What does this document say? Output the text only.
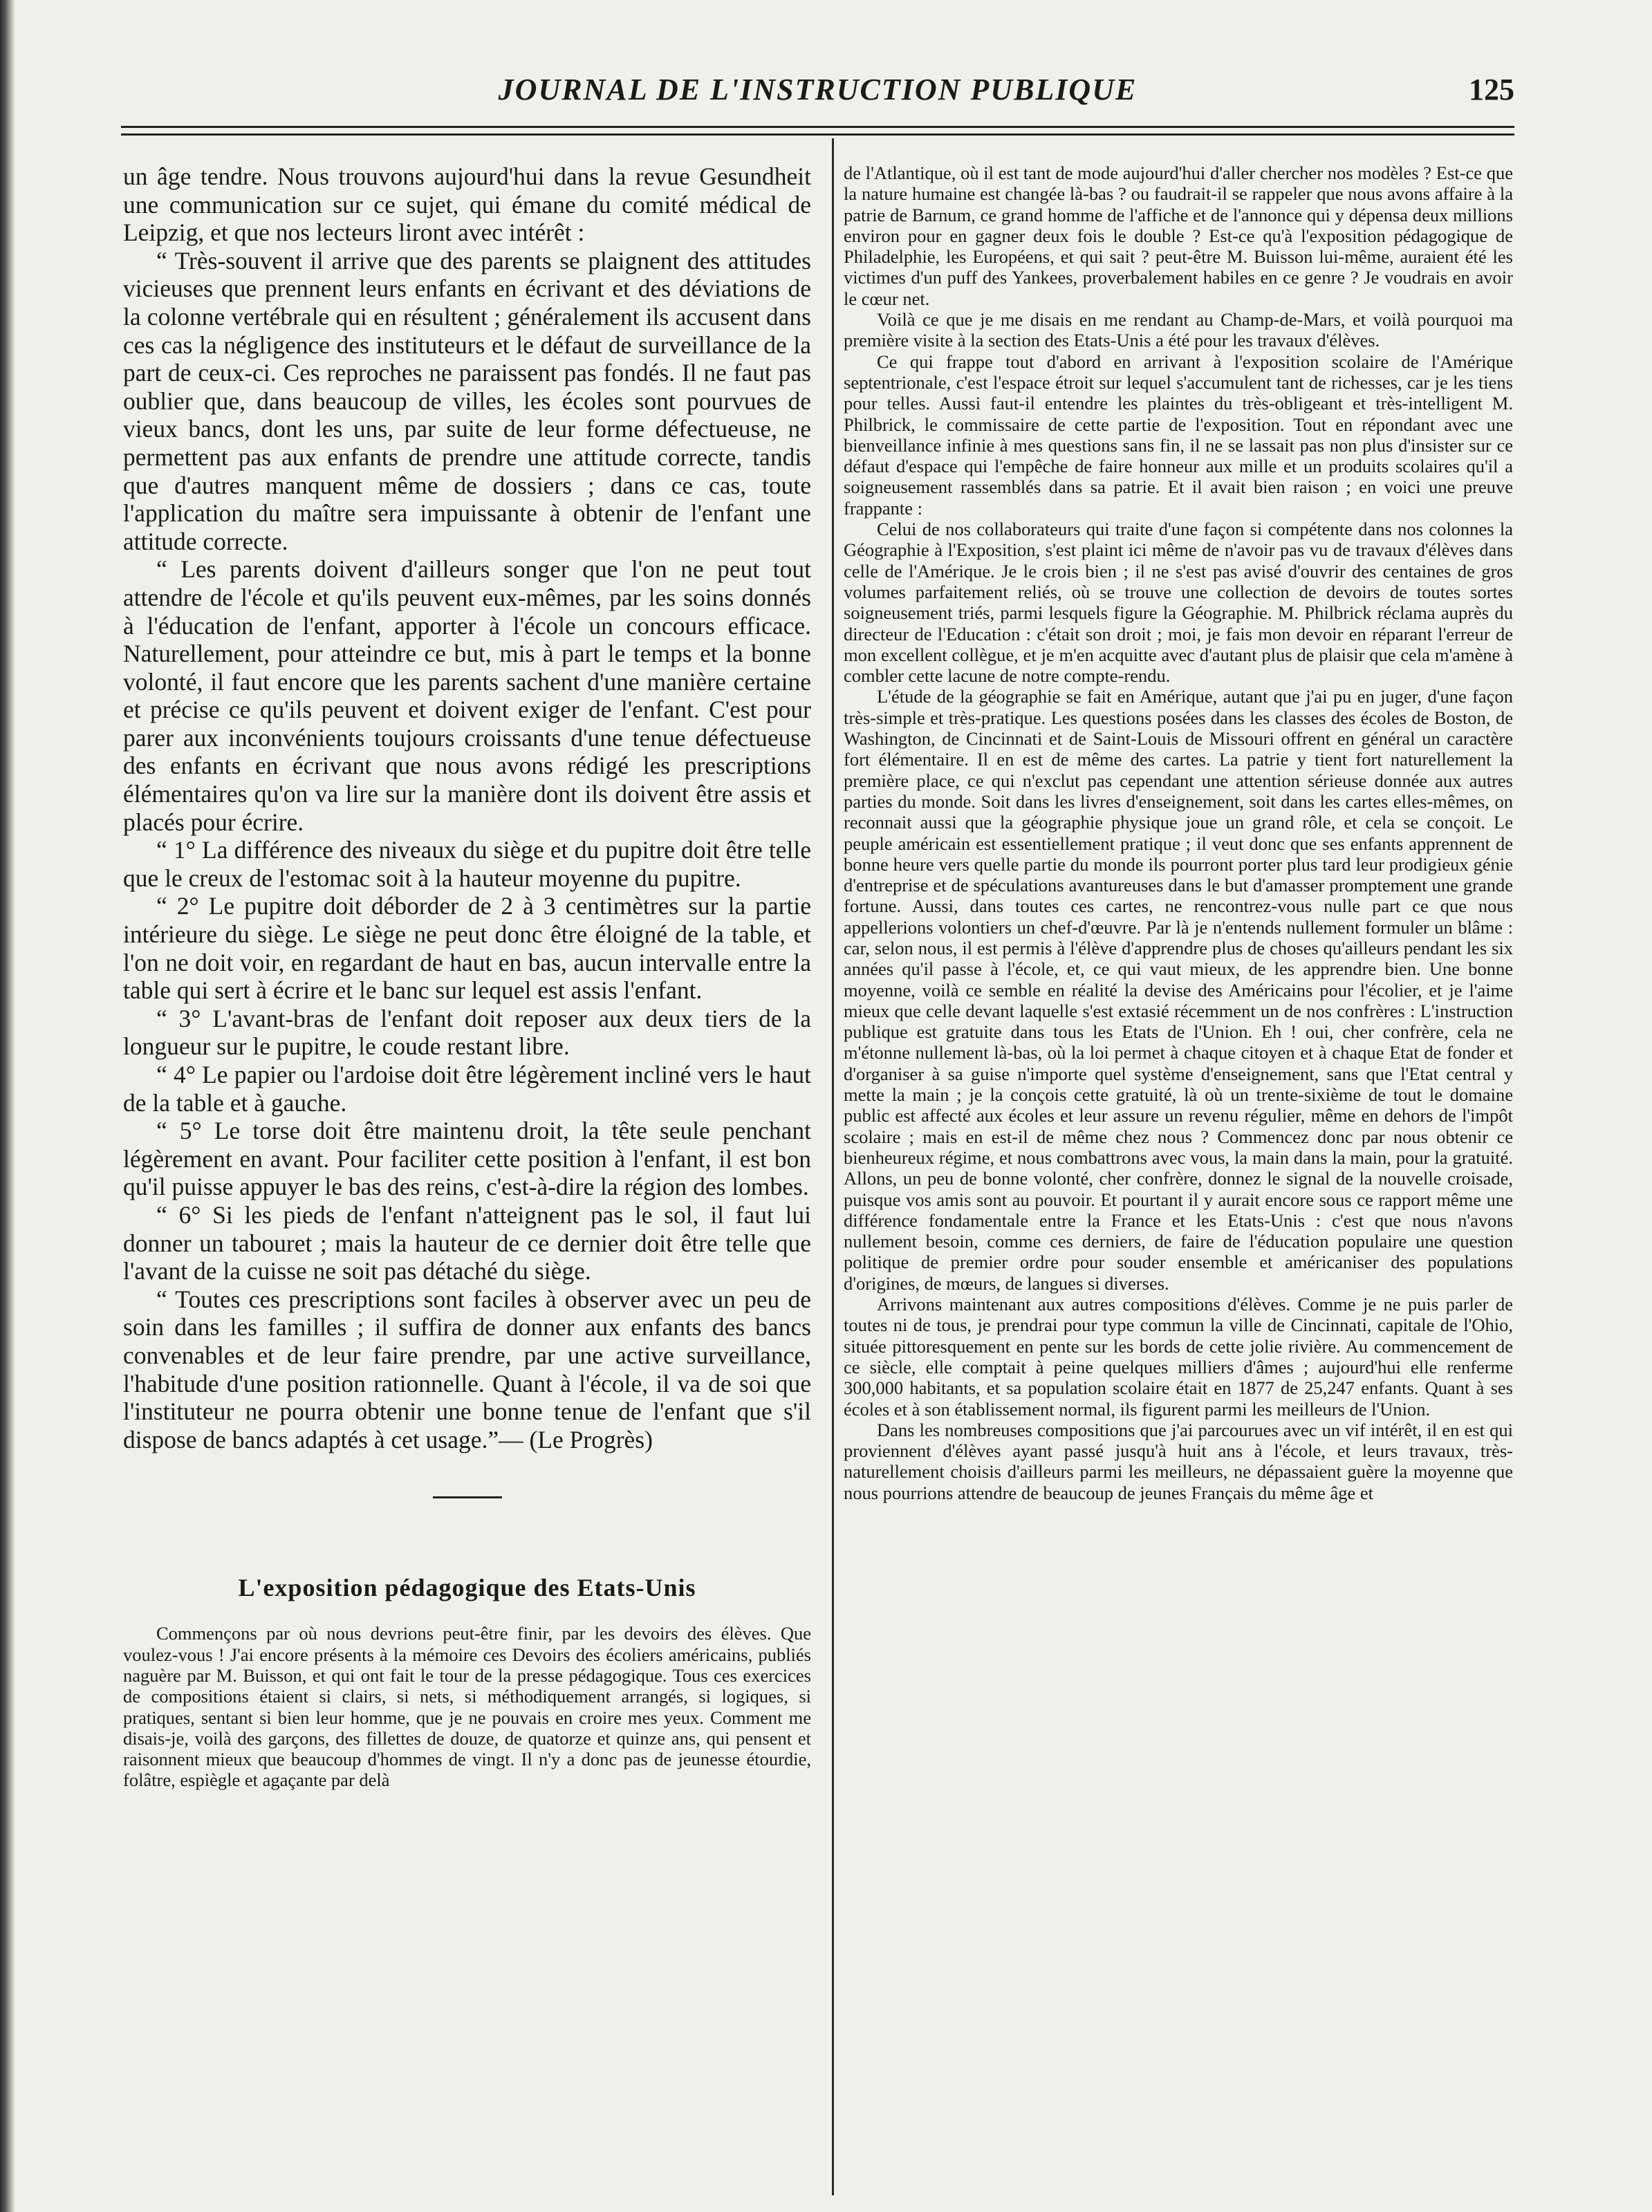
JOURNAL DE L'INSTRUCTION PUBLIQUE	125

un âge tendre. Nous trouvons aujourd'hui dans la revue Gesundheit une communication sur ce sujet, qui émane du comité médical de Leipzig, et que nos lecteurs liront avec intérêt :

“ Très-souvent il arrive que des parents se plaignent des attitudes vicieuses que prennent leurs enfants en écrivant et des déviations de la colonne vertébrale qui en résultent ; généralement ils accusent dans ces cas la négligence des instituteurs et le défaut de surveillance de la part de ceux-ci. Ces reproches ne paraissent pas fondés. Il ne faut pas oublier que, dans beaucoup de villes, les écoles sont pourvues de vieux bancs, dont les uns, par suite de leur forme défectueuse, ne permettent pas aux enfants de prendre une attitude correcte, tandis que d'autres manquent même de dossiers ; dans ce cas, toute l'application du maître sera impuissante à obtenir de l'enfant une attitude correcte.

“ Les parents doivent d'ailleurs songer que l'on ne peut tout attendre de l'école et qu'ils peuvent eux-mêmes, par les soins donnés à l'éducation de l'enfant, apporter à l'école un concours efficace. Naturellement, pour atteindre ce but, mis à part le temps et la bonne volonté, il faut encore que les parents sachent d'une manière certaine et précise ce qu'ils peuvent et doivent exiger de l'enfant. C'est pour parer aux inconvénients toujours croissants d'une tenue défectueuse des enfants en écrivant que nous avons rédigé les prescriptions élémentaires qu'on va lire sur la manière dont ils doivent être assis et placés pour écrire.

“ 1° La différence des niveaux du siège et du pupitre doit être telle que le creux de l'estomac soit à la hauteur moyenne du pupitre.

“ 2° Le pupitre doit déborder de 2 à 3 centimètres sur la partie intérieure du siège. Le siège ne peut donc être éloigné de la table, et l'on ne doit voir, en regardant de haut en bas, aucun intervalle entre la table qui sert à écrire et le banc sur lequel est assis l'enfant.

“ 3° L'avant-bras de l'enfant doit reposer aux deux tiers de la longueur sur le pupitre, le coude restant libre.

“ 4° Le papier ou l'ardoise doit être légèrement incliné vers le haut de la table et à gauche.

“ 5° Le torse doit être maintenu droit, la tête seule penchant légèrement en avant. Pour faciliter cette position à l'enfant, il est bon qu'il puisse appuyer le bas des reins, c'est-à-dire la région des lombes.

“ 6° Si les pieds de l'enfant n'atteignent pas le sol, il faut lui donner un tabouret ; mais la hauteur de ce dernier doit être telle que l'avant de la cuisse ne soit pas détaché du siège.

“ Toutes ces prescriptions sont faciles à observer avec un peu de soin dans les familles ; il suffira de donner aux enfants des bancs convenables et de leur faire prendre, par une active surveillance, l'habitude d'une position rationnelle. Quant à l'école, il va de soi que l'instituteur ne pourra obtenir une bonne tenue de l'enfant que s'il dispose de bancs adaptés à cet usage.”— (Le Progrès)

L'exposition pédagogique des Etats-Unis

Commençons par où nous devrions peut-être finir, par les devoirs des élèves. Que voulez-vous ! J'ai encore présents à la mémoire ces Devoirs des écoliers américains, publiés naguère par M. Buisson, et qui ont fait le tour de la presse pédagogique. Tous ces exercices de compositions étaient si clairs, si nets, si méthodiquement arrangés, si logiques, si pratiques, sentant si bien leur homme, que je ne pouvais en croire mes yeux. Comment me disais-je, voilà des garçons, des fillettes de douze, de quatorze et quinze ans, qui pensent et raisonnent mieux que beaucoup d'hommes de vingt. Il n'y a donc pas de jeunesse étourdie, folâtre, espiègle et agaçante par delà

de l'Atlantique, où il est tant de mode aujourd'hui d'aller chercher nos modèles ? Est-ce que la nature humaine est changée là-bas ? ou faudrait-il se rappeler que nous avons affaire à la patrie de Barnum, ce grand homme de l'affiche et de l'annonce qui y dépensa deux millions environ pour en gagner deux fois le double ? Est-ce qu'à l'exposition pédagogique de Philadelphie, les Européens, et qui sait ? peut-être M. Buisson lui-même, auraient été les victimes d'un puff des Yankees, proverbalement habiles en ce genre ? Je voudrais en avoir le cœur net.

Voilà ce que je me disais en me rendant au Champ-de-Mars, et voilà pourquoi ma première visite à la section des Etats-Unis a été pour les travaux d'élèves.

Ce qui frappe tout d'abord en arrivant à l'exposition scolaire de l'Amérique septentrionale, c'est l'espace étroit sur lequel s'accumulent tant de richesses, car je les tiens pour telles. Aussi faut-il entendre les plaintes du très-obligeant et très-intelligent M. Philbrick, le commissaire de cette partie de l'exposition. Tout en répondant avec une bienveillance infinie à mes questions sans fin, il ne se lassait pas non plus d'insister sur ce défaut d'espace qui l'empêche de faire honneur aux mille et un produits scolaires qu'il a soigneusement rassemblés dans sa patrie. Et il avait bien raison ; en voici une preuve frappante :

Celui de nos collaborateurs qui traite d'une façon si compétente dans nos colonnes la Géographie à l'Exposition, s'est plaint ici même de n'avoir pas vu de travaux d'élèves dans celle de l'Amérique. Je le crois bien ; il ne s'est pas avisé d'ouvrir des centaines de gros volumes parfaitement reliés, où se trouve une collection de devoirs de toutes sortes soigneusement triés, parmi lesquels figure la Géographie. M. Philbrick réclama auprès du directeur de l'Education : c'était son droit ; moi, je fais mon devoir en réparant l'erreur de mon excellent collègue, et je m'en acquitte avec d'autant plus de plaisir que cela m'amène à combler cette lacune de notre compte-rendu.

L'étude de la géographie se fait en Amérique, autant que j'ai pu en juger, d'une façon très-simple et très-pratique. Les questions posées dans les classes des écoles de Boston, de Washington, de Cincinnati et de Saint-Louis de Missouri offrent en général un caractère fort élémentaire. Il en est de même des cartes. La patrie y tient fort naturellement la première place, ce qui n'exclut pas cependant une attention sérieuse donnée aux autres parties du monde. Soit dans les livres d'enseignement, soit dans les cartes elles-mêmes, on reconnait aussi que la géographie physique joue un grand rôle, et cela se conçoit. Le peuple américain est essentiellement pratique ; il veut donc que ses enfants apprennent de bonne heure vers quelle partie du monde ils pourront porter plus tard leur prodigieux génie d'entreprise et de spéculations avantureuses dans le but d'amasser promptement une grande fortune. Aussi, dans toutes ces cartes, ne rencontrez-vous nulle part ce que nous appellerions volontiers un chef-d'œuvre. Par là je n'entends nullement formuler un blâme : car, selon nous, il est permis à l'élève d'apprendre plus de choses qu'ailleurs pendant les six années qu'il passe à l'école, et, ce qui vaut mieux, de les apprendre bien. Une bonne moyenne, voilà ce semble en réalité la devise des Américains pour l'écolier, et je l'aime mieux que celle devant laquelle s'est extasié récemment un de nos confrères : L'instruction publique est gratuite dans tous les Etats de l'Union. Eh ! oui, cher confrère, cela ne m'étonne nullement là-bas, où la loi permet à chaque citoyen et à chaque Etat de fonder et d'organiser à sa guise n'importe quel système d'enseignement, sans que l'Etat central y mette la main ; je la conçois cette gratuité, là où un trente-sixième de tout le domaine public est affecté aux écoles et leur assure un revenu régulier, même en dehors de l'impôt scolaire ; mais en est-il de même chez nous ? Commencez donc par nous obtenir ce bienheureux régime, et nous combattrons avec vous, la main dans la main, pour la gratuité. Allons, un peu de bonne volonté, cher confrère, donnez le signal de la nouvelle croisade, puisque vos amis sont au pouvoir. Et pourtant il y aurait encore sous ce rapport même une différence fondamentale entre la France et les Etats-Unis : c'est que nous n'avons nullement besoin, comme ces derniers, de faire de l'éducation populaire une question politique de premier ordre pour souder ensemble et américaniser des populations d'origines, de mœurs, de langues si diverses.

Arrivons maintenant aux autres compositions d'élèves. Comme je ne puis parler de toutes ni de tous, je prendrai pour type commun la ville de Cincinnati, capitale de l'Ohio, située pittoresquement en pente sur les bords de cette jolie rivière. Au commencement de ce siècle, elle comptait à peine quelques milliers d'âmes ; aujourd'hui elle renferme 300,000 habitants, et sa population scolaire était en 1877 de 25,247 enfants. Quant à ses écoles et à son établissement normal, ils figurent parmi les meilleurs de l'Union.

Dans les nombreuses compositions que j'ai parcourues avec un vif intérêt, il en est qui proviennent d'élèves ayant passé jusqu'à huit ans à l'école, et leurs travaux, très-naturellement choisis d'ailleurs parmi les meilleurs, ne dépassaient guère la moyenne que nous pourrions attendre de beaucoup de jeunes Français du même âge et
